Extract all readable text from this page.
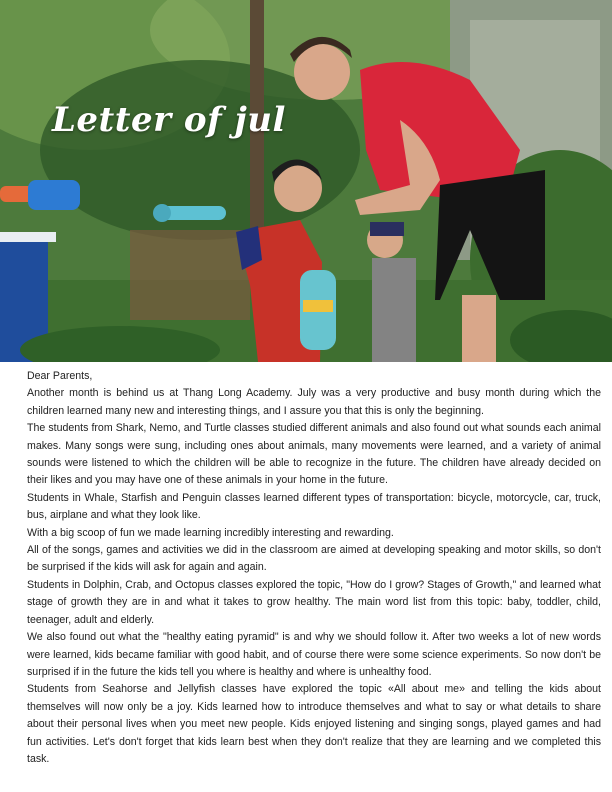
Letter of jul

Dear Parents,

Another month is behind us at Thang Long Academy. July was a very productive and busy month during which the children learned many new and interesting things, and I assure you that this is only the beginning.

The students from Shark, Nemo, and Turtle classes studied different animals and also found out what sounds each animal makes. Many songs were sung, including ones about animals, many movements were learned, and a variety of animal sounds were listened to which the children will be able to recognize in the future. The children have already decided on their likes and you may have one of these animals in your home in the future.

Students in Whale, Starfish and Penguin classes learned different types of transportation: bicycle, motorcycle, car, truck, bus, airplane and what they look like.

With a big scoop of fun we made learning incredibly interesting and rewarding.

All of the songs, games and activities we did in the classroom are aimed at developing speaking and motor skills, so don't be surprised if the kids will ask for again and again.

Students in Dolphin, Crab, and Octopus classes explored the topic, "How do I grow? Stages of Growth," and learned what stage of growth they are in and what it takes to grow healthy. The main word list from this topic: baby, toddler, child, teenager, adult and elderly.

We also found out what the "healthy eating pyramid" is and why we should follow it. After two weeks a lot of new words were learned, kids became familiar with good habit, and of course there were some science experiments. So now don't be surprised if in the future the kids tell you where is healthy and where is unhealthy food.

Students from Seahorse and Jellyfish classes have explored the topic «All about me» and telling the kids about themselves will now only be a joy. Kids learned how to introduce themselves and what to say or what details to share about their personal lives when you meet new people. Kids enjoyed listening and singing songs, played games and had fun activities. Let's don't forget that kids learn best when they don't realize that they are learning and we completed this task.
